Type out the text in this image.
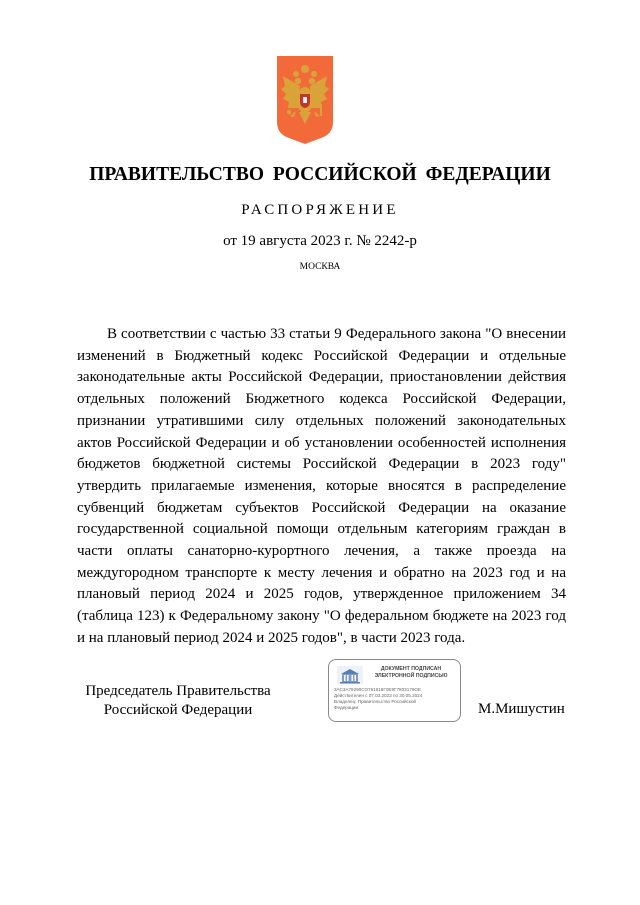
ПРАВИТЕЛЬСТВО РОССИЙСКОЙ ФЕДЕРАЦИИ
РАСПОРЯЖЕНИЕ
от 19 августа 2023 г. № 2242-р
МОСКВА

  В соответствии с частью 33 статьи 9 Федерального закона "О внесении изменений в Бюджетный кодекс Российской Федерации и отдельные законодательные акты Российской Федерации, приостановлении действия отдельных положений Бюджетного кодекса Российской Федерации, признании утратившими силу отдельных положений законодательных актов Российской Федерации и об установлении особенностей исполнения бюджетов бюджетной системы Российской Федерации в 2023 году" утвердить прилагаемые изменения, которые вносятся в распределение субвенций бюджетам субъектов Российской Федерации на оказание государственной социальной помощи отдельным категориям граждан в части оплаты санаторно-курортного лечения, а также проезда на междугородном транспорте к месту лечения и обратно на 2023 год и на плановый период 2024 и 2025 годов, утвержденное приложением 34 (таблица 123) к Федеральному закону "О федеральном бюджете на 2023 год и на плановый период 2024 и 2025 годов", в части 2023 года.

Председатель Правительства
Российской Федерации
ДОКУМЕНТ ПОДПИСАН
ЭЛЕКТРОННОЙ ПОДПИСЬЮ
3АС3А79290СО761618Г0Е9Г7803178ОЕ
Действителен с 07.03.2023 по 30.05.2024
Владелец: Правительство Российской
Федерации	М.Мишустин
